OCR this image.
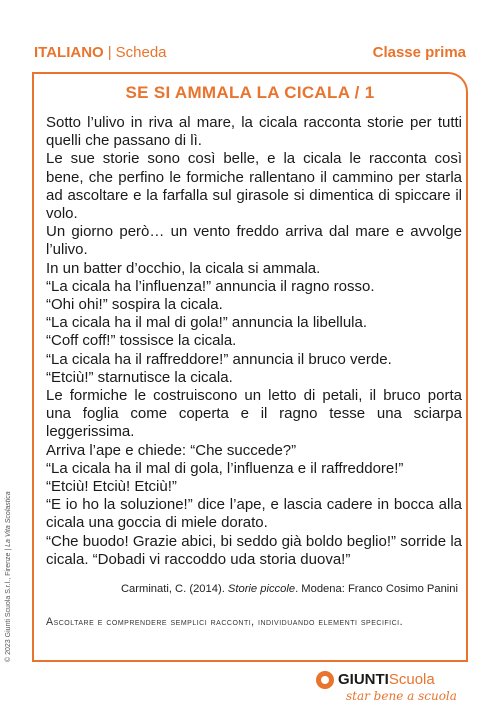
ITALIANO | Scheda	Classe prima
SE SI AMMALA LA CICALA / 1

Sotto l’ulivo in riva al mare, la cicala racconta storie per tutti quelli che passano di lì.

Le sue storie sono così belle, e la cicala le racconta così bene, che perfino le formiche rallentano il cammino per starla ad ascoltare e la farfalla sul girasole si dimentica di spiccare il volo.

Un giorno però… un vento freddo arriva dal mare e avvolge l’ulivo.

In un batter d’occhio, la cicala si ammala.

“La cicala ha l’influenza!” annuncia il ragno rosso.

“Ohi ohi!” sospira la cicala.

“La cicala ha il mal di gola!” annuncia la libellula.

“Coff coff!” tossisce la cicala.

“La cicala ha il raffreddore!” annuncia il bruco verde.

“Etciù!” starnutisce la cicala.

Le formiche le costruiscono un letto di petali, il bruco porta una foglia come coperta e il ragno tesse una sciarpa leggerissima.

Arriva l’ape e chiede: “Che succede?”

“La cicala ha il mal di gola, l’influenza e il raffreddore!”

“Etciù! Etciù! Etciù!”

“E io ho la soluzione!” dice l’ape, e lascia cadere in bocca alla cicala una goccia di miele dorato.

“Che buodo! Grazie abici, bi seddo già boldo beglio!” sorride la cicala. “Dobadi vi raccoddo uda storia duova!”

Carminati, C. (2014). Storie piccole. Modena: Franco Cosimo Panini
Ascoltare e comprendere semplici racconti, individuando elementi specifici.
© 2023 Giunti Scuola S.r.l., Firenze | La Vita Scolastica
GIUNTIScuola
star bene a scuola
